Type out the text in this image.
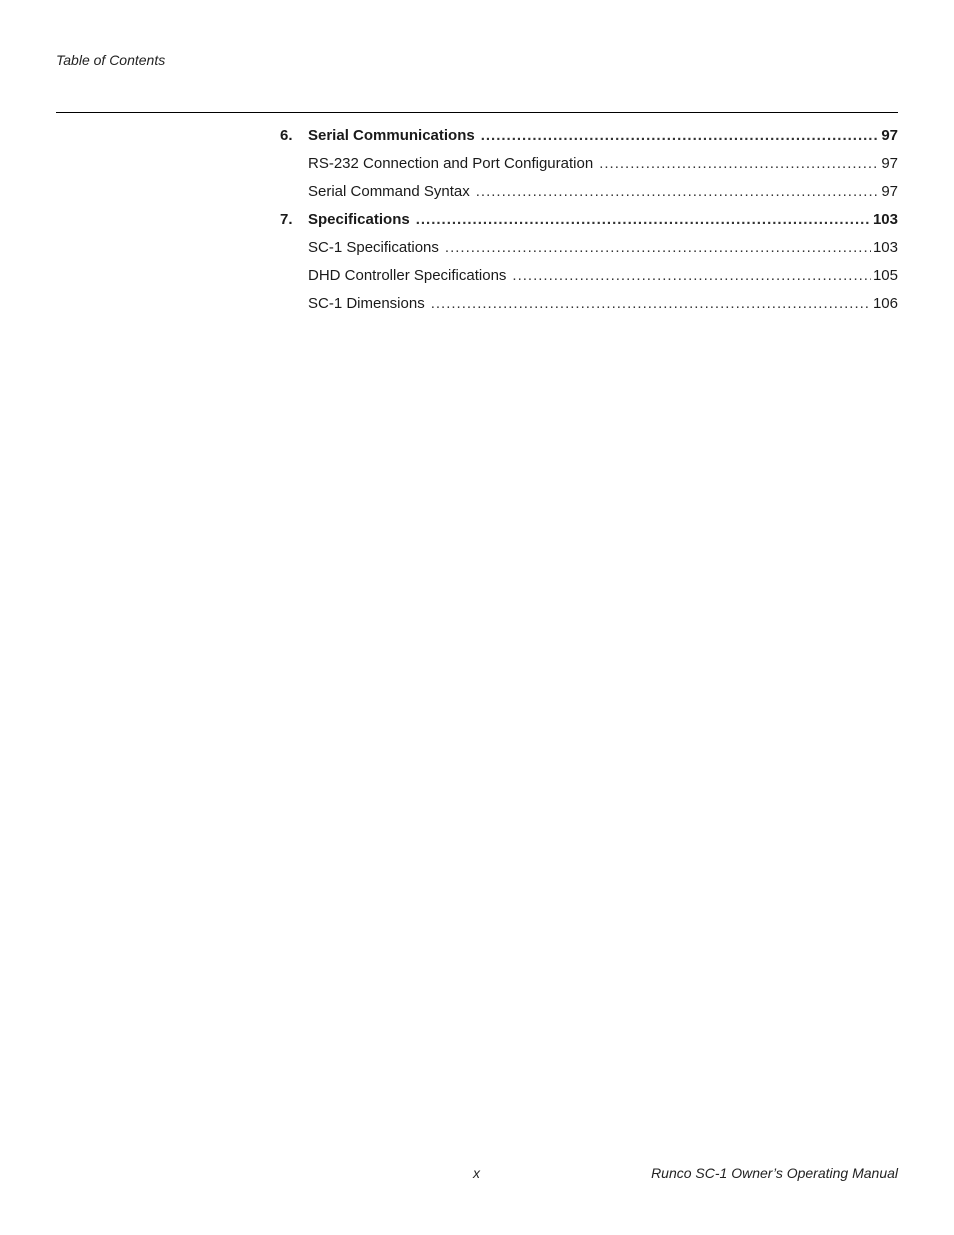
Table of Contents
6.	Serial Communications .....	97
RS-232 Connection and Port Configuration .....	97
Serial Command Syntax .....	97
7.	Specifications .....	103
SC-1 Specifications .....	103
DHD Controller Specifications .....	105
SC-1 Dimensions .....	106
x	Runco SC-1 Owner’s Operating Manual
